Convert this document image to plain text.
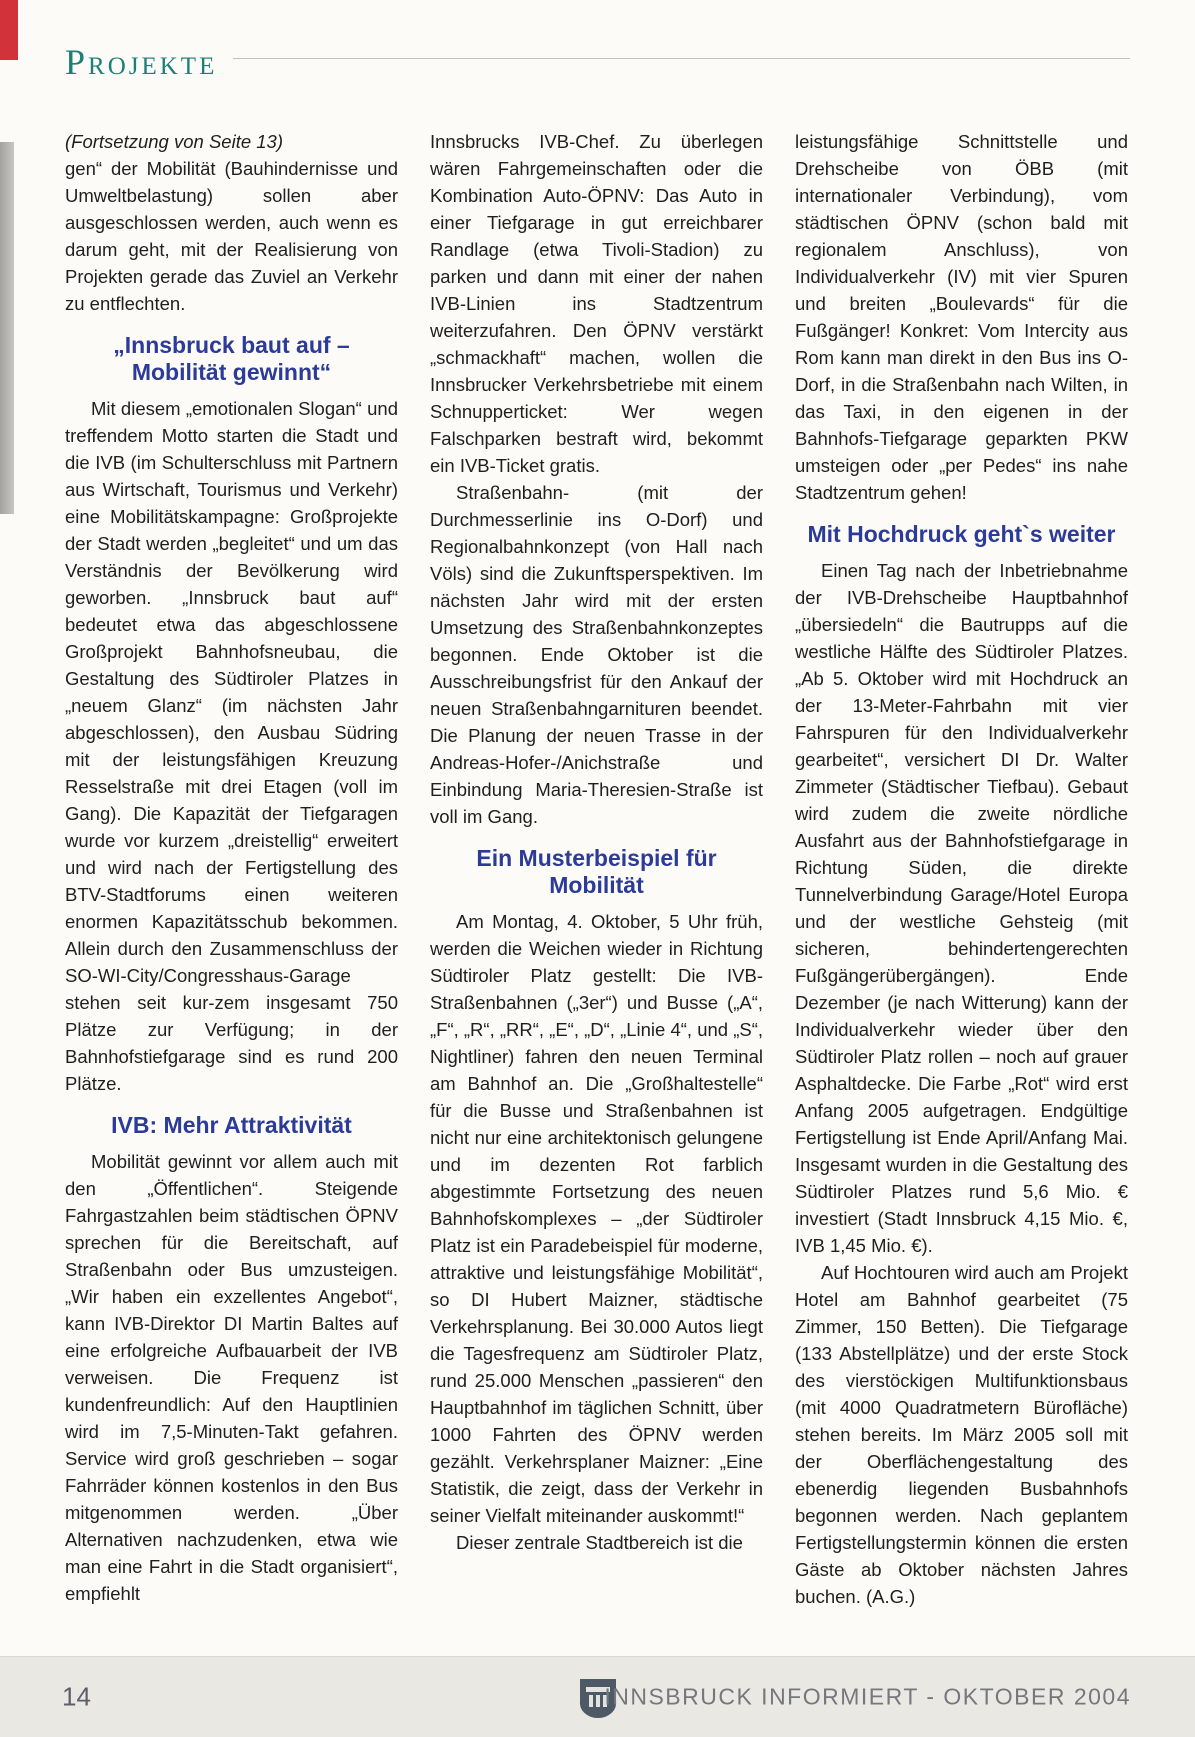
Projekte

(Fortsetzung von Seite 13)

gen“ der Mobilität (Bauhindernisse und Umweltbelastung) sollen aber ausgeschlossen werden, auch wenn es darum geht, mit der Realisierung von Projekten gerade das Zuviel an Verkehr zu entflechten.

„Innsbruck baut auf – Mobilität gewinnt“

Mit diesem „emotionalen Slogan“ und treffendem Motto starten die Stadt und die IVB (im Schulterschluss mit Partnern aus Wirtschaft, Tourismus und Verkehr) eine Mobilitätskampagne: Großprojekte der Stadt werden „begleitet“ und um das Verständnis der Bevölkerung wird geworben. „Innsbruck baut auf“ bedeutet etwa das abgeschlossene Großprojekt Bahnhofsneubau, die Gestaltung des Südtiroler Platzes in „neuem Glanz“ (im nächsten Jahr abgeschlossen), den Ausbau Südring mit der leistungsfähigen Kreuzung Resselstraße mit drei Etagen (voll im Gang). Die Kapazität der Tiefgaragen wurde vor kurzem „dreistellig“ erweitert und wird nach der Fertigstellung des BTV-Stadtforums einen weiteren enormen Kapazitätsschub bekommen. Allein durch den Zusammenschluss der SO-WI-City/Congresshaus-Garage stehen seit kur-zem insgesamt 750 Plätze zur Verfügung; in der Bahnhofstiefgarage sind es rund 200 Plätze.

IVB: Mehr Attraktivität

Mobilität gewinnt vor allem auch mit den „Öffentlichen“. Steigende Fahrgastzahlen beim städtischen ÖPNV sprechen für die Bereitschaft, auf Straßenbahn oder Bus umzusteigen. „Wir haben ein exzellentes Angebot“, kann IVB-Direktor DI Martin Baltes auf eine erfolgreiche Aufbauarbeit der IVB verweisen. Die Frequenz ist kundenfreundlich: Auf den Hauptlinien wird im 7,5-Minuten-Takt gefahren. Service wird groß geschrieben – sogar Fahrräder können kostenlos in den Bus mitgenommen werden. „Über Alternativen nachzudenken, etwa wie man eine Fahrt in die Stadt organisiert“, empfiehlt

Innsbrucks IVB-Chef. Zu überlegen wären Fahrgemeinschaften oder die Kombination Auto-ÖPNV: Das Auto in einer Tiefgarage in gut erreichbarer Randlage (etwa Tivoli-Stadion) zu parken und dann mit einer der nahen IVB-Linien ins Stadtzentrum weiterzufahren. Den ÖPNV verstärkt „schmackhaft“ machen, wollen die Innsbrucker Verkehrsbetriebe mit einem Schnupperticket: Wer wegen Falschparken bestraft wird, bekommt ein IVB-Ticket gratis.

Straßenbahn- (mit der Durchmesserlinie ins O-Dorf) und Regionalbahnkonzept (von Hall nach Völs) sind die Zukunftsperspektiven. Im nächsten Jahr wird mit der ersten Umsetzung des Straßenbahnkonzeptes begonnen. Ende Oktober ist die Ausschreibungsfrist für den Ankauf der neuen Straßenbahngarnituren beendet. Die Planung der neuen Trasse in der Andreas-Hofer-/Anichstraße und Einbindung Maria-Theresien-Straße ist voll im Gang.

Ein Musterbeispiel für Mobilität

Am Montag, 4. Oktober, 5 Uhr früh, werden die Weichen wieder in Richtung Südtiroler Platz gestellt: Die IVB-Straßenbahnen („3er“) und Busse („A“, „F“, „R“, „RR“, „E“, „D“, „Linie 4“, und „S“, Nightliner) fahren den neuen Terminal am Bahnhof an. Die „Großhaltestelle“ für die Busse und Straßenbahnen ist nicht nur eine architektonisch gelungene und im dezenten Rot farblich abgestimmte Fortsetzung des neuen Bahnhofskomplexes – „der Südtiroler Platz ist ein Paradebeispiel für moderne, attraktive und leistungsfähige Mobilität“, so DI Hubert Maizner, städtische Verkehrsplanung. Bei 30.000 Autos liegt die Tagesfrequenz am Südtiroler Platz, rund 25.000 Menschen „passieren“ den Hauptbahnhof im täglichen Schnitt, über 1000 Fahrten des ÖPNV werden gezählt. Verkehrsplaner Maizner: „Eine Statistik, die zeigt, dass der Verkehr in seiner Vielfalt miteinander auskommt!“

Dieser zentrale Stadtbereich ist die

leistungsfähige Schnittstelle und Drehscheibe von ÖBB (mit internationaler Verbindung), vom städtischen ÖPNV (schon bald mit regionalem Anschluss), von Individualverkehr (IV) mit vier Spuren und breiten „Boulevards“ für die Fußgänger! Konkret: Vom Intercity aus Rom kann man direkt in den Bus ins O-Dorf, in die Straßenbahn nach Wilten, in das Taxi, in den eigenen in der Bahnhofs-Tiefgarage geparkten PKW umsteigen oder „per Pedes“ ins nahe Stadtzentrum gehen!

Mit Hochdruck geht`s weiter

Einen Tag nach der Inbetriebnahme der IVB-Drehscheibe Hauptbahnhof „übersiedeln“ die Bautrupps auf die westliche Hälfte des Südtiroler Platzes. „Ab 5. Oktober wird mit Hochdruck an der 13-Meter-Fahrbahn mit vier Fahrspuren für den Individualverkehr gearbeitet“, versichert DI Dr. Walter Zimmeter (Städtischer Tiefbau). Gebaut wird zudem die zweite nördliche Ausfahrt aus der Bahnhofstiefgarage in Richtung Süden, die direkte Tunnelverbindung Garage/Hotel Europa und der westliche Gehsteig (mit sicheren, behindertengerechten Fußgängerübergängen). Ende Dezember (je nach Witterung) kann der Individualverkehr wieder über den Südtiroler Platz rollen – noch auf grauer Asphaltdecke. Die Farbe „Rot“ wird erst Anfang 2005 aufgetragen. Endgültige Fertigstellung ist Ende April/Anfang Mai. Insgesamt wurden in die Gestaltung des Südtiroler Platzes rund 5,6 Mio. € investiert (Stadt Innsbruck 4,15 Mio. €, IVB 1,45 Mio. €).

Auf Hochtouren wird auch am Projekt Hotel am Bahnhof gearbeitet (75 Zimmer, 150 Betten). Die Tiefgarage (133 Abstellplätze) und der erste Stock des vierstöckigen Multifunktionsbaus (mit 4000 Quadratmetern Bürofläche) stehen bereits. Im März 2005 soll mit der Oberflächengestaltung des ebenerdig liegenden Busbahnhofs begonnen werden. Nach geplantem Fertigstellungstermin können die ersten Gäste ab Oktober nächsten Jahres buchen. (A.G.)

14	INNSBRUCK INFORMIERT - OKTOBER 2004
